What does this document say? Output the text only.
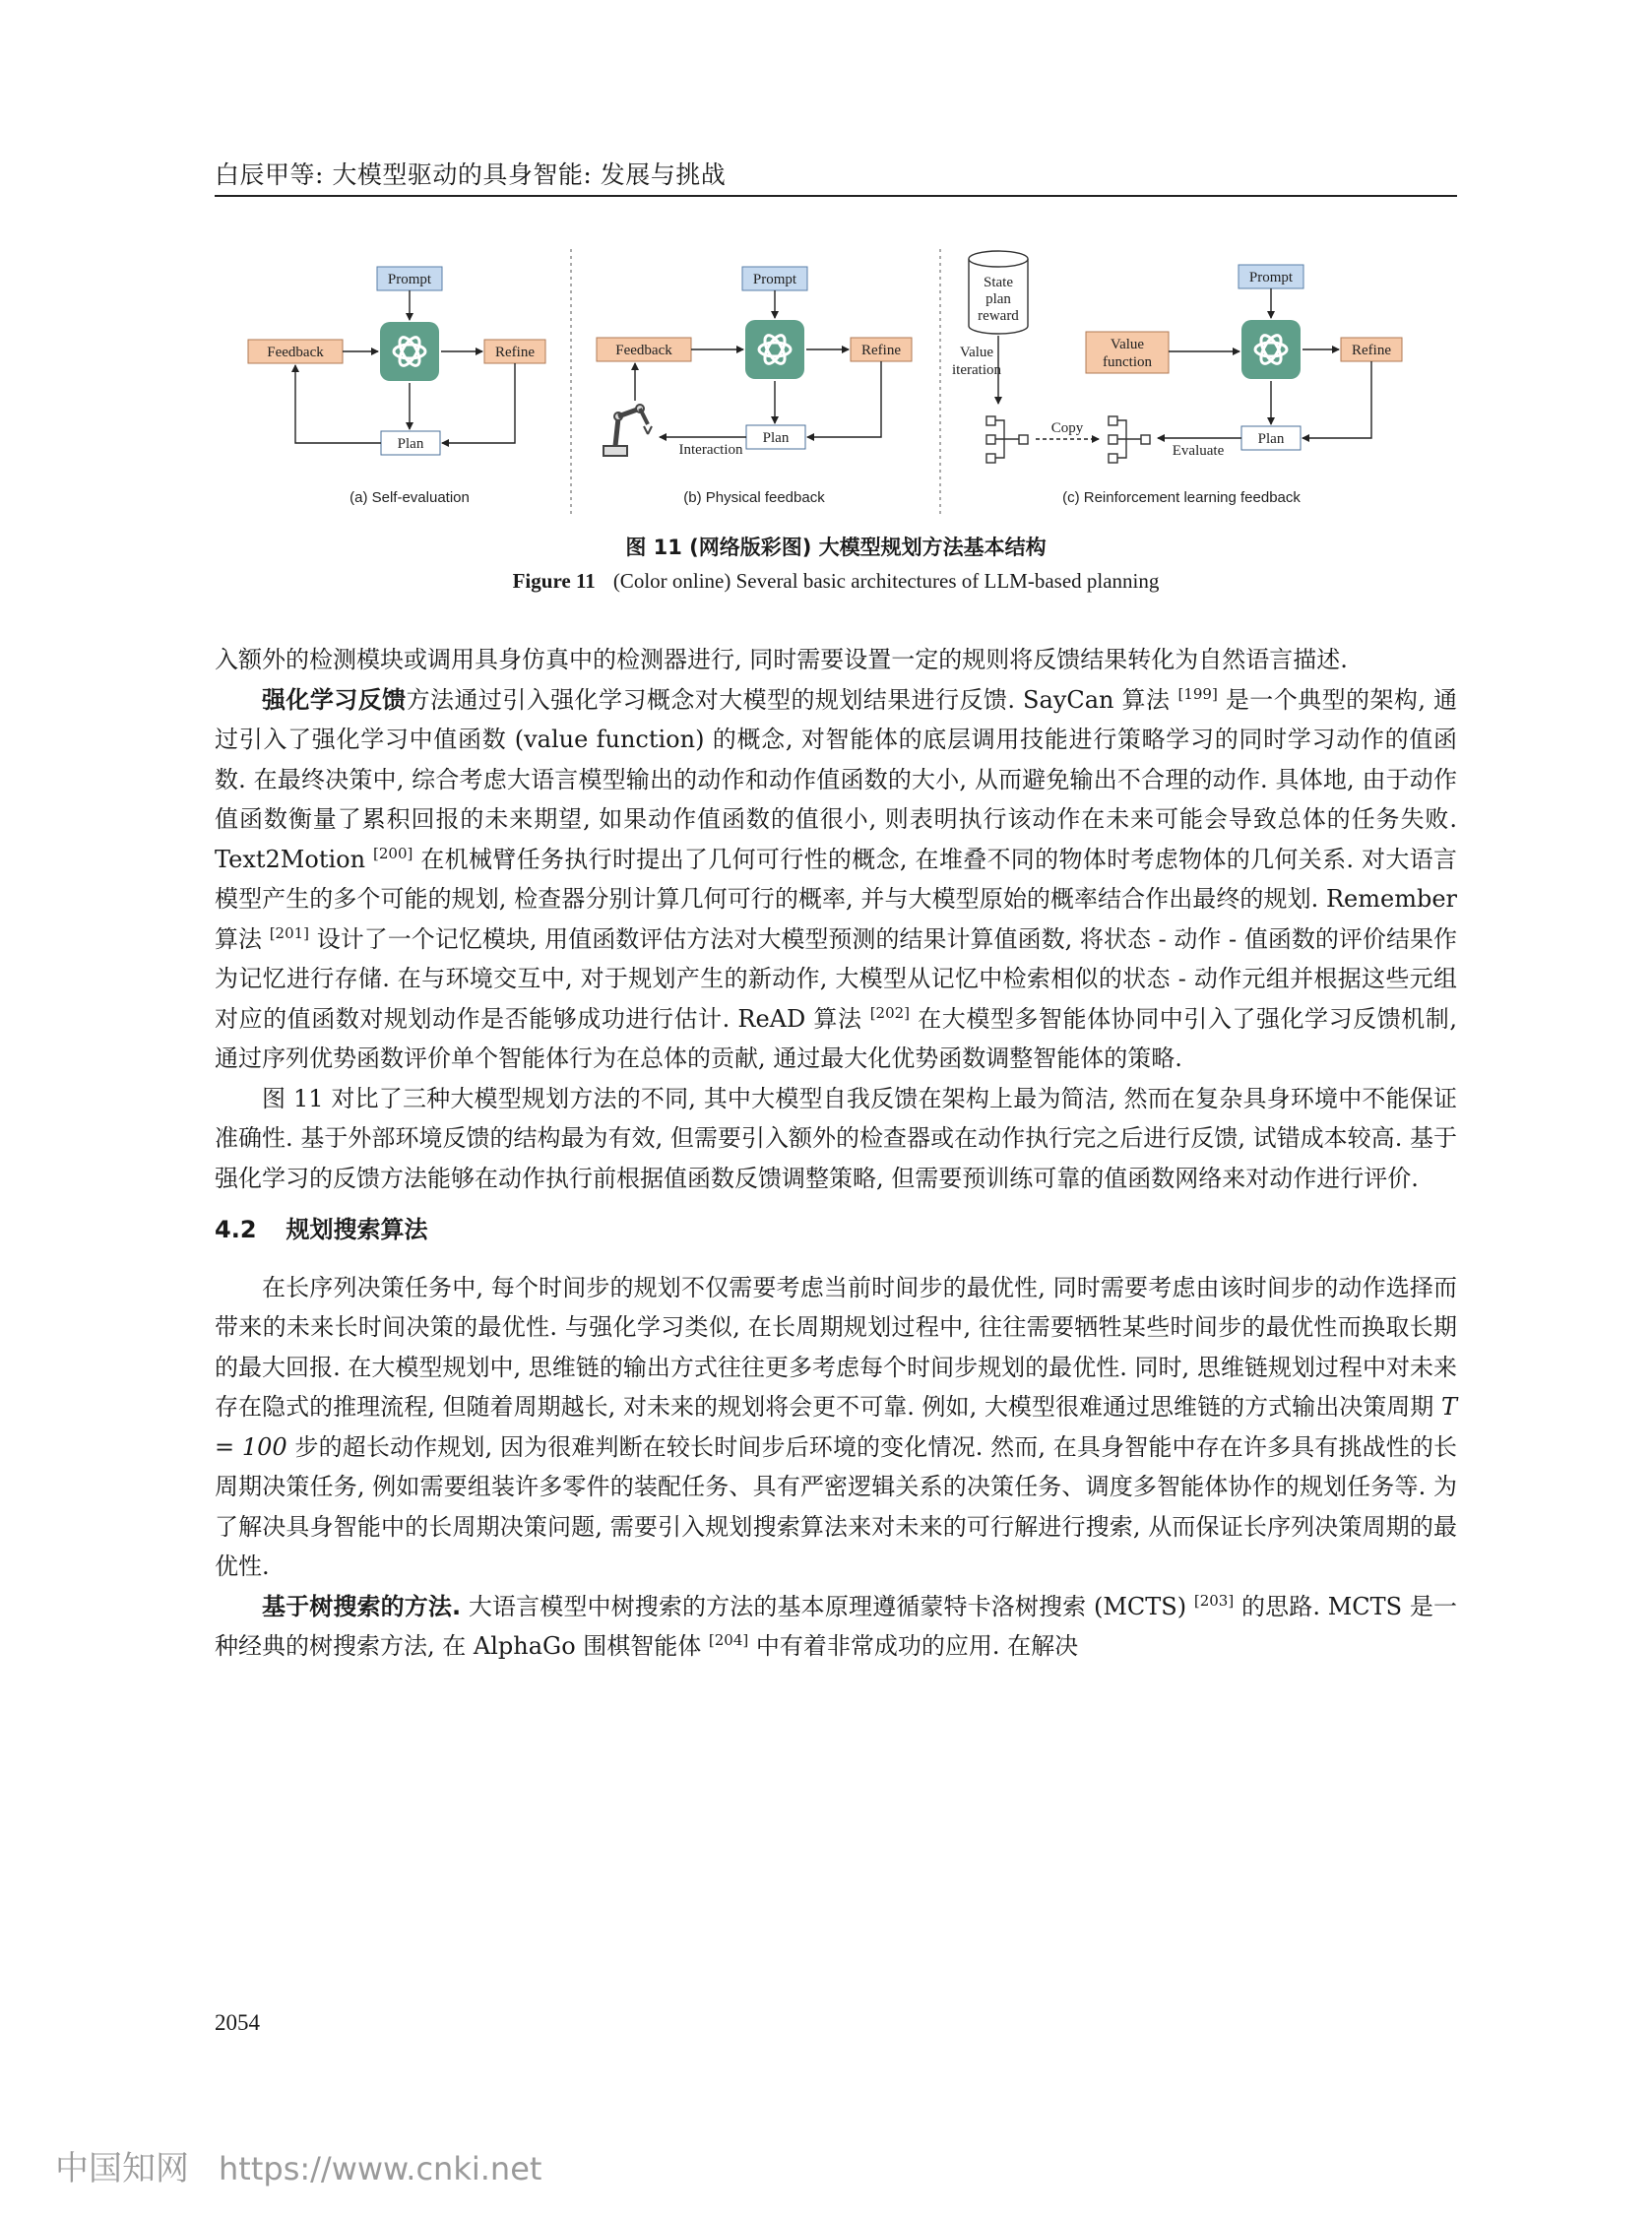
白辰甲等: 大模型驱动的具身智能: 发展与挑战
Prompt
Feedback	Refine
Plan
(a) Self-evaluation
Prompt
Feedback	Refine
Plan
Interaction
(b) Physical feedback
State
plan
reward
Value
iteration
Copy
Value
function
Prompt
Refine
Plan
Evaluate
(c) Reinforcement learning feedback
图 11 (网络版彩图) 大模型规划方法基本结构
Figure 11 (Color online) Several basic architectures of LLM-based planning

入额外的检测模块或调用具身仿真中的检测器进行, 同时需要设置一定的规则将反馈结果转化为自然语言描述.

强化学习反馈方法通过引入强化学习概念对大模型的规划结果进行反馈. SayCan 算法 [199] 是一个典型的架构, 通过引入了强化学习中值函数 (value function) 的概念, 对智能体的底层调用技能进行策略学习的同时学习动作的值函数. 在最终决策中, 综合考虑大语言模型输出的动作和动作值函数的大小, 从而避免输出不合理的动作. 具体地, 由于动作值函数衡量了累积回报的未来期望, 如果动作值函数的值很小, 则表明执行该动作在未来可能会导致总体的任务失败. Text2Motion [200] 在机械臂任务执行时提出了几何可行性的概念, 在堆叠不同的物体时考虑物体的几何关系. 对大语言模型产生的多个可能的规划, 检查器分别计算几何可行的概率, 并与大模型原始的概率结合作出最终的规划. Remember 算法 [201] 设计了一个记忆模块, 用值函数评估方法对大模型预测的结果计算值函数, 将状态 - 动作 - 值函数的评价结果作为记忆进行存储. 在与环境交互中, 对于规划产生的新动作, 大模型从记忆中检索相似的状态 - 动作元组并根据这些元组对应的值函数对规划动作是否能够成功进行估计. ReAD 算法 [202] 在大模型多智能体协同中引入了强化学习反馈机制, 通过序列优势函数评价单个智能体行为在总体的贡献, 通过最大化优势函数调整智能体的策略.

图 11 对比了三种大模型规划方法的不同, 其中大模型自我反馈在架构上最为简洁, 然而在复杂具身环境中不能保证准确性. 基于外部环境反馈的结构最为有效, 但需要引入额外的检查器或在动作执行完之后进行反馈, 试错成本较高. 基于强化学习的反馈方法能够在动作执行前根据值函数反馈调整策略, 但需要预训练可靠的值函数网络来对动作进行评价.

4.2 规划搜索算法

在长序列决策任务中, 每个时间步的规划不仅需要考虑当前时间步的最优性, 同时需要考虑由该时间步的动作选择而带来的未来长时间决策的最优性. 与强化学习类似, 在长周期规划过程中, 往往需要牺牲某些时间步的最优性而换取长期的最大回报. 在大模型规划中, 思维链的输出方式往往更多考虑每个时间步规划的最优性. 同时, 思维链规划过程中对未来存在隐式的推理流程, 但随着周期越长, 对未来的规划将会更不可靠. 例如, 大模型很难通过思维链的方式输出决策周期 T = 100 步的超长动作规划, 因为很难判断在较长时间步后环境的变化情况. 然而, 在具身智能中存在许多具有挑战性的长周期决策任务, 例如需要组装许多零件的装配任务、具有严密逻辑关系的决策任务、调度多智能体协作的规划任务等. 为了解决具身智能中的长周期决策问题, 需要引入规划搜索算法来对未来的可行解进行搜索, 从而保证长序列决策周期的最优性.

基于树搜索的方法. 大语言模型中树搜索的方法的基本原理遵循蒙特卡洛树搜索 (MCTS) [203] 的思路. MCTS 是一种经典的树搜索方法, 在 AlphaGo 围棋智能体 [204] 中有着非常成功的应用. 在解决

2054
中国知网 https://www.cnki.net
